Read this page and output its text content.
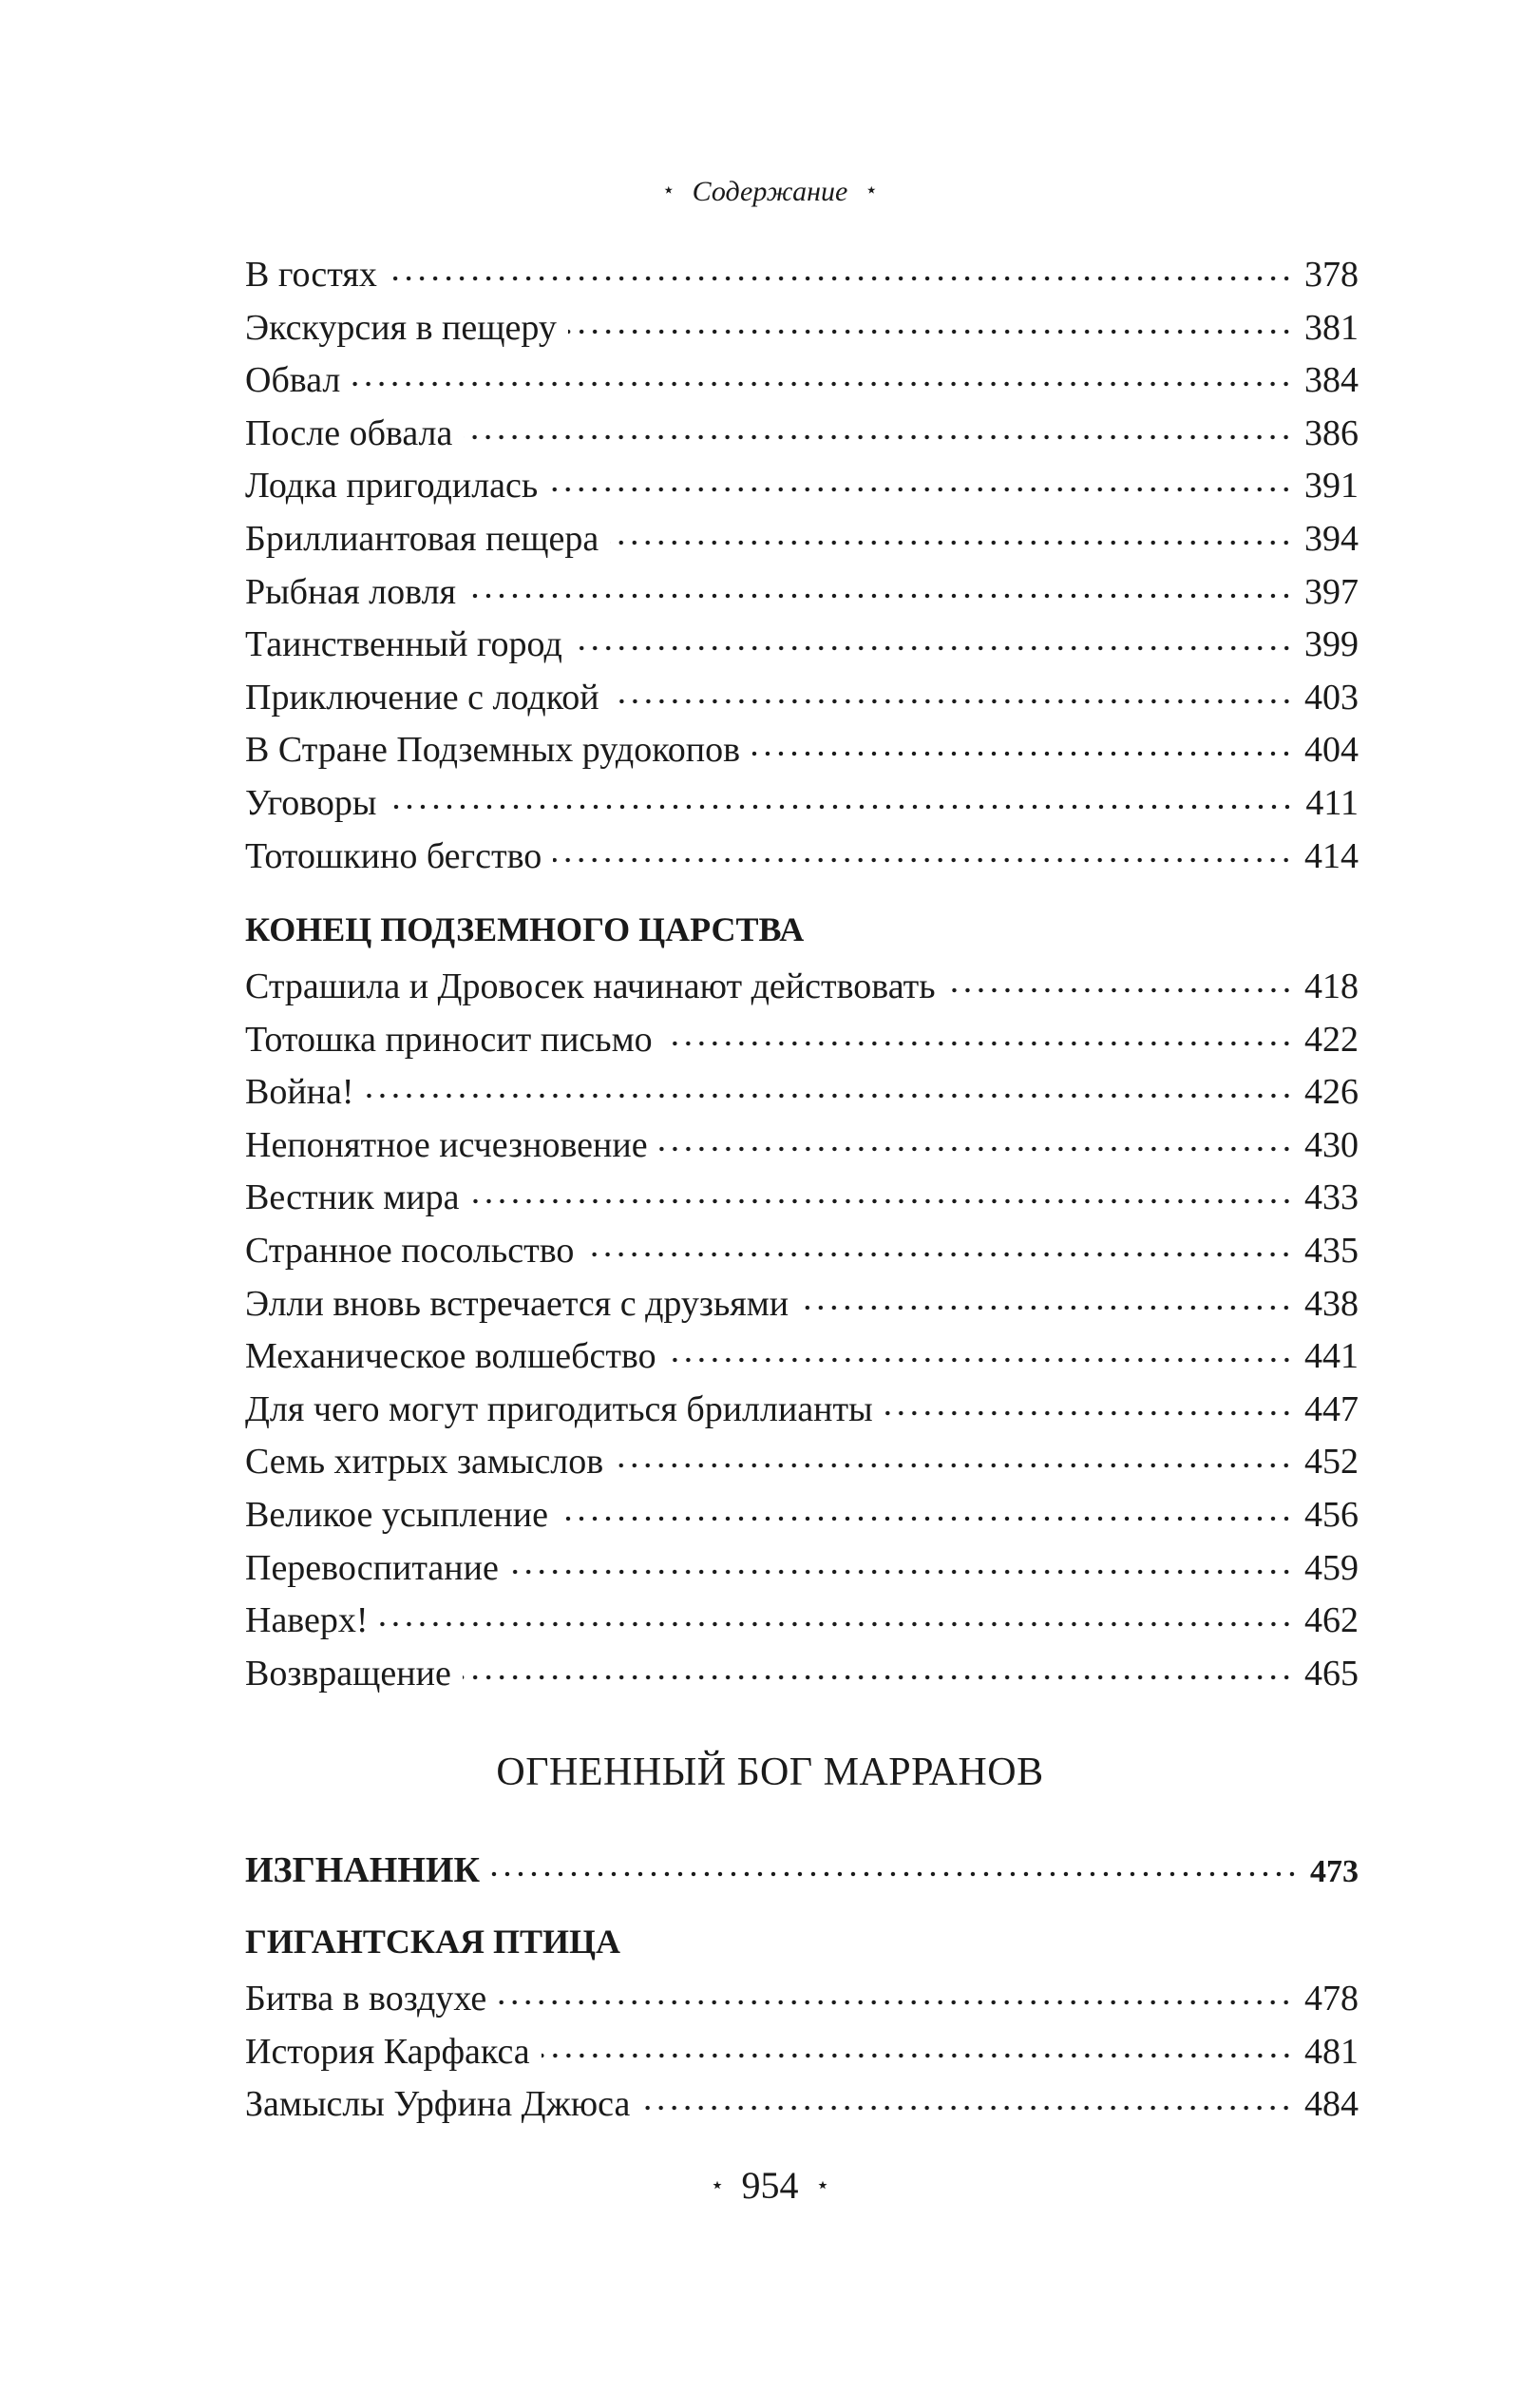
⋆ Содержание ⋆
В гостях	378
Экскурсия в пещеру	381
Обвал	384
После обвала	386
Лодка пригодилась	391
Бриллиантовая пещера	394
Рыбная ловля	397
Таинственный город	399
Приключение с лодкой	403
В Стране Подземных рудокопов	404
Уговоры	411
Тотошкино бегство	414
КОНЕЦ ПОДЗЕМНОГО ЦАРСТВА
Страшила и Дровосек начинают действовать	418
Тотошка приносит письмо	422
Война!	426
Непонятное исчезновение	430
Вестник мира	433
Странное посольство	435
Элли вновь встречается с друзьями	438
Механическое волшебство	441
Для чего могут пригодиться бриллианты	447
Семь хитрых замыслов	452
Великое усыпление	456
Перевоспитание	459
Наверх!	462
Возвращение	465
ОГНЕННЫЙ БОГ МАРРАНОВ
ИЗГНАННИК	473
ГИГАНТСКАЯ ПТИЦА
Битва в воздухе	478
История Карфакса	481
Замыслы Урфина Джюса	484
⋆ 954 ⋆
